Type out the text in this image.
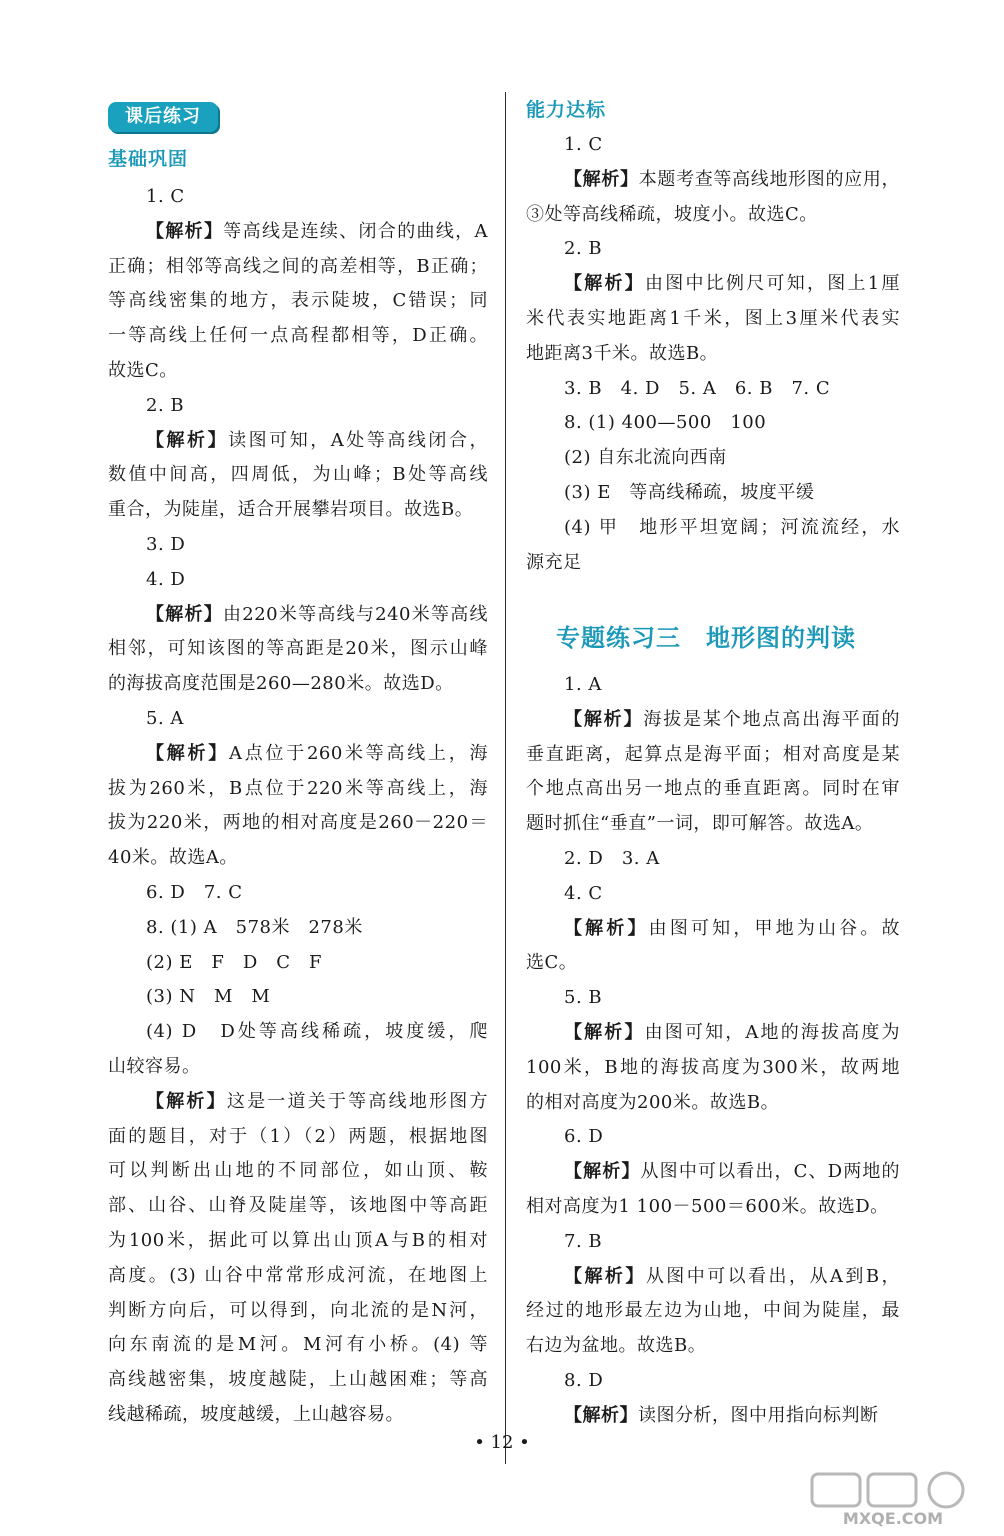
课后练习
基础巩固
1. C
【解析】等高线是连续、闭合的曲线，A
正确；相邻等高线之间的高差相等，B正确；
等高线密集的地方，表示陡坡，C错误；同
一等高线上任何一点高程都相等，D正确。
故选C。
2. B
【解析】读图可知，A处等高线闭合，
数值中间高，四周低，为山峰；B处等高线
重合，为陡崖，适合开展攀岩项目。故选B。
3. D
4. D
【解析】由220米等高线与240米等高线
相邻，可知该图的等高距是20米，图示山峰
的海拔高度范围是260—280米。故选D。
5. A
【解析】A点位于260米等高线上，海
拔为260米，B点位于220米等高线上，海
拔为220米，两地的相对高度是260－220＝
40米。故选A。
6. D　7. C
8. (1) A　578米　278米
(2) E　F　D　C　F
(3) N　M　M
(4) D　D处等高线稀疏，坡度缓，爬
山较容易。
【解析】这是一道关于等高线地形图方
面的题目，对于（1）（2）两题，根据地图
可以判断出山地的不同部位，如山顶、鞍
部、山谷、山脊及陡崖等，该地图中等高距
为100米，据此可以算出山顶A与B的相对
高度。(3) 山谷中常常形成河流，在地图上
判断方向后，可以得到，向北流的是N河，
向东南流的是M河。M河有小桥。(4) 等
高线越密集，坡度越陡，上山越困难；等高
线越稀疏，坡度越缓，上山越容易。
能力达标
1. C
【解析】本题考查等高线地形图的应用，
③处等高线稀疏，坡度小。故选C。
2. B
【解析】由图中比例尺可知，图上1厘
米代表实地距离1千米，图上3厘米代表实
地距离3千米。故选B。
3. B　4. D　5. A　6. B　7. C
8. (1) 400—500　100
(2) 自东北流向西南
(3) E　等高线稀疏，坡度平缓
(4) 甲　地形平坦宽阔；河流流经，水
源充足
专题练习三　地形图的判读
1. A
【解析】海拔是某个地点高出海平面的
垂直距离，起算点是海平面；相对高度是某
个地点高出另一地点的垂直距离。同时在审
题时抓住“垂直”一词，即可解答。故选A。
2. D　3. A
4. C
【解析】由图可知，甲地为山谷。故
选C。
5. B
【解析】由图可知，A地的海拔高度为
100米，B地的海拔高度为300米，故两地
的相对高度为200米。故选B。
6. D
【解析】从图中可以看出，C、D两地的
相对高度为1 100－500＝600米。故选D。
7. B
【解析】从图中可以看出，从A到B，
经过的地形最左边为山地，中间为陡崖，最
右边为盆地。故选B。
8. D
【解析】读图分析，图中用指向标判断
• 12 •
MXQE.COM
